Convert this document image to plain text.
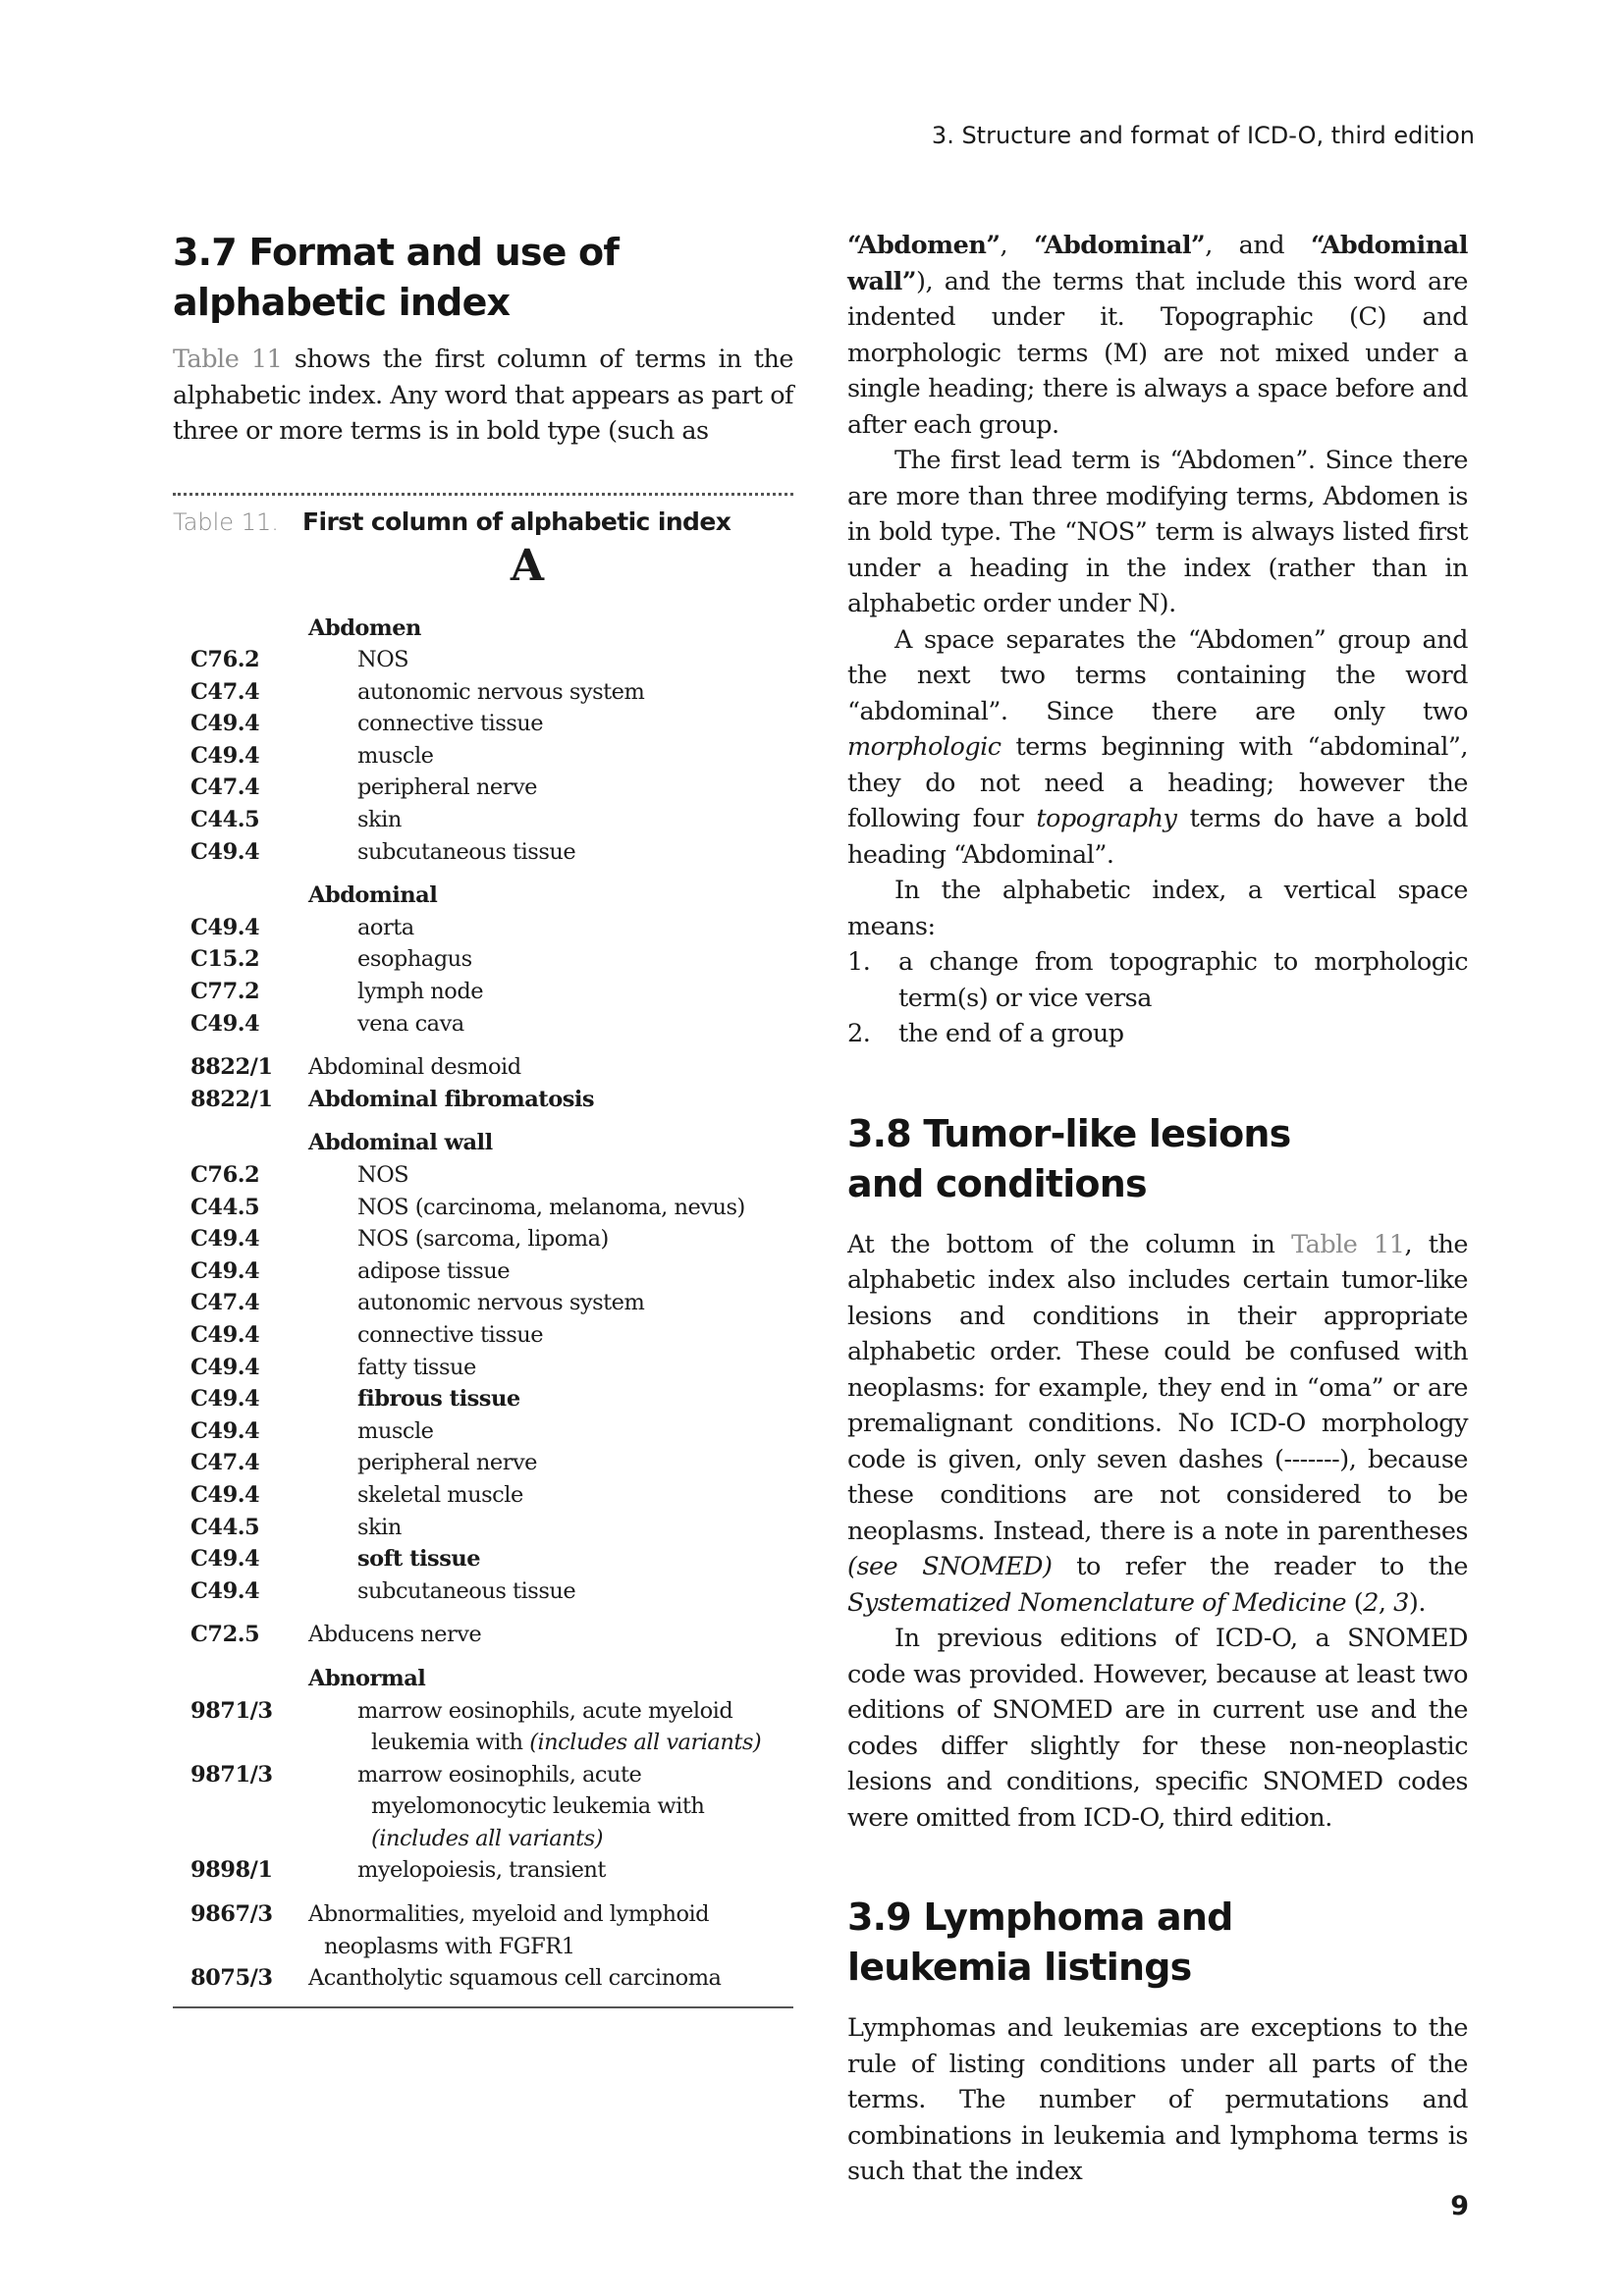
3. Structure and format of ICD-O, third edition
3.7 Format and use of
alphabetic index

Table 11 shows the first column of terms in the alphabetic index. Any word that appears as part of three or more terms is in bold type (such as

Table 11. First column of alphabetic index
A
Abdomen
C76.2	NOS
C47.4	autonomic nervous system
C49.4	connective tissue
C49.4	muscle
C47.4	peripheral nerve
C44.5	skin
C49.4	subcutaneous tissue
Abdominal
C49.4	aorta
C15.2	esophagus
C77.2	lymph node
C49.4	vena cava
8822/1	Abdominal desmoid
8822/1	Abdominal fibromatosis
Abdominal wall
C76.2	NOS
C44.5	NOS (carcinoma, melanoma, nevus)
C49.4	NOS (sarcoma, lipoma)
C49.4	adipose tissue
C47.4	autonomic nervous system
C49.4	connective tissue
C49.4	fatty tissue
C49.4	fibrous tissue
C49.4	muscle
C47.4	peripheral nerve
C49.4	skeletal muscle
C44.5	skin
C49.4	soft tissue
C49.4	subcutaneous tissue
C72.5	Abducens nerve
Abnormal
9871/3	marrow eosinophils, acute myeloid
leukemia with (includes all variants)
9871/3	marrow eosinophils, acute
myelomonocytic leukemia with
(includes all variants)
9898/1	myelopoiesis, transient
9867/3	Abnormalities, myeloid and lymphoid
neoplasms with FGFR1
8075/3	Acantholytic squamous cell carcinoma

“Abdomen”, “Abdominal”, and “Abdominal wall”), and the terms that include this word are indented under it. Topographic (C) and morphologic terms (M) are not mixed under a single heading; there is always a space before and after each group.

The first lead term is “Abdomen”. Since there are more than three modifying terms, Abdomen is in bold type. The “NOS” term is always listed first under a heading in the index (rather than in alphabetic order under N).

A space separates the “Abdomen” group and the next two terms containing the word “abdominal”. Since there are only two morphologic terms beginning with “abdominal”, they do not need a heading; however the following four topography terms do have a bold heading “Abdominal”.

In the alphabetic index, a vertical space means:

1.	a change from topographic to morphologic term(s) or vice versa
2.	the end of a group
3.8 Tumor-like lesions
and conditions

At the bottom of the column in Table 11, the alphabetic index also includes certain tumor-like lesions and conditions in their appropriate alphabetic order. These could be confused with neoplasms: for example, they end in “oma” or are premalignant conditions. No ICD-O morphology code is given, only seven dashes (-------), because these conditions are not considered to be neoplasms. Instead, there is a note in parentheses (see SNOMED) to refer the reader to the Systematized Nomenclature of Medicine (2, 3).

In previous editions of ICD-O, a SNOMED code was provided. However, because at least two editions of SNOMED are in current use and the codes differ slightly for these non-neoplastic lesions and conditions, specific SNOMED codes were omitted from ICD-O, third edition.

3.9 Lymphoma and
leukemia listings

Lymphomas and leukemias are exceptions to the rule of listing conditions under all parts of the terms. The number of permutations and combinations in leukemia and lymphoma terms is such that the index

9
